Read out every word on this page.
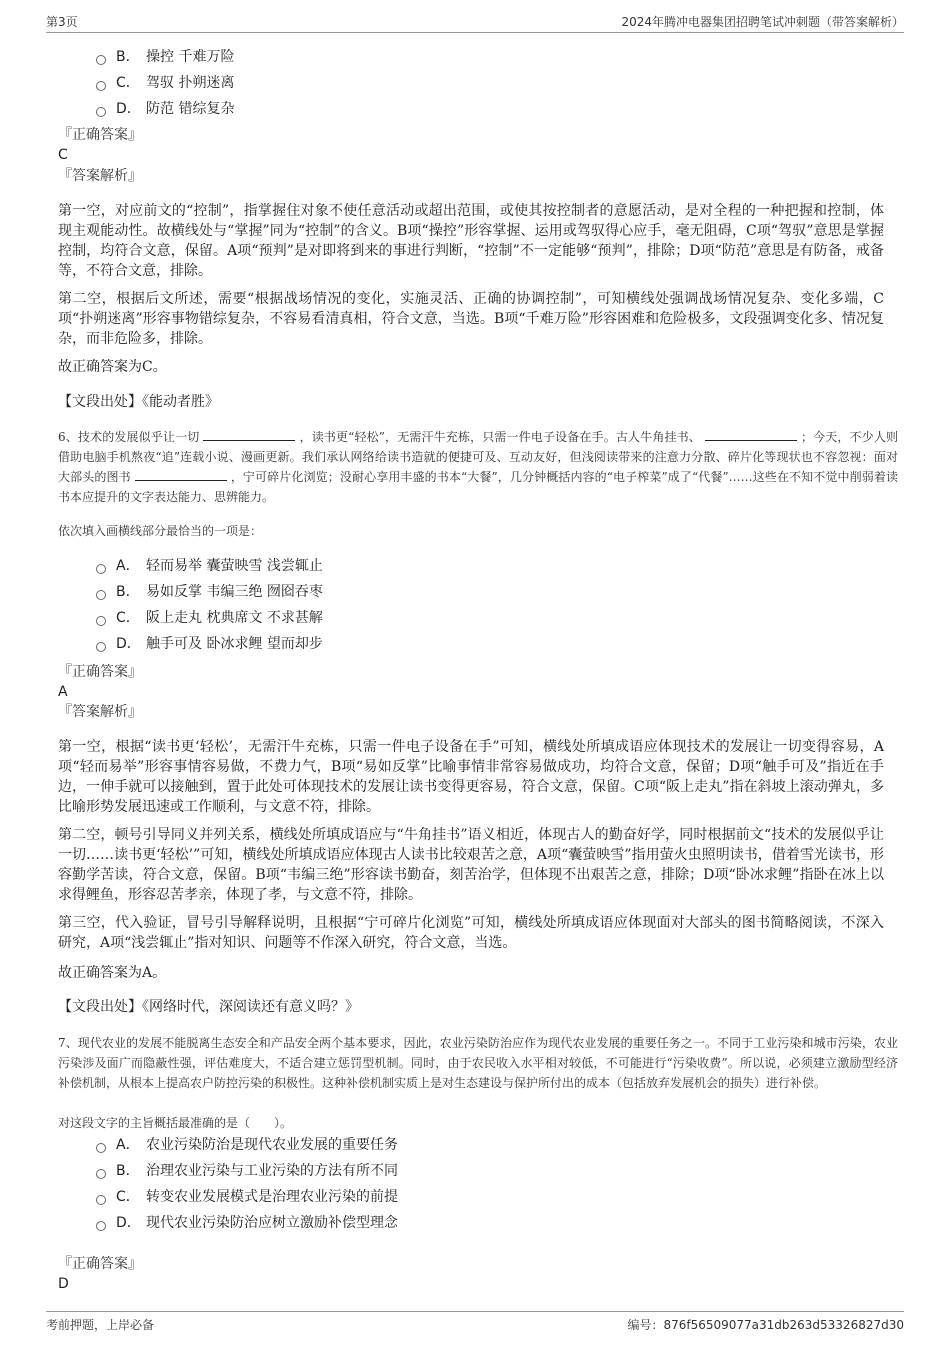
第3页	2024年腾冲电器集团招聘笔试冲刺题（带答案解析）
B． 操控 千难万险
C． 驾驭 扑朔迷离
D． 防范 错综复杂
『正确答案』
C
『答案解析』
第一空，对应前文的“控制”，指掌握住对象不使任意活动或超出范围，或使其按控制者的意愿活动，是对全程的一种把握和控制，体现主观能动性。故横线处与“掌握”同为“控制”的含义。B项“操控”形容掌握、运用或驾驭得心应手，毫无阻碍，C项“驾驭”意思是掌握控制，均符合文意，保留。A项“预判”是对即将到来的事进行判断，“控制”不一定能够“预判”，排除；D项“防范”意思是有防备，戒备等，不符合文意，排除。
第二空，根据后文所述，需要“根据战场情况的变化，实施灵活、正确的协调控制”，可知横线处强调战场情况复杂、变化多端，C项“扑朔迷离”形容事物错综复杂，不容易看清真相，符合文意，当选。B项“千难万险”形容困难和危险极多，文段强调变化多、情况复杂，而非危险多，排除。
故正确答案为C。
【文段出处】《能动者胜》
6、技术的发展似乎让一切	，读书更“轻松”，无需汗牛充栋，只需一件电子设备在手。古人牛角挂书、	；今天，不少人则借助电脑手机熬夜“追”连载小说、漫画更新。我们承认网络给读书造就的便捷可及、互动友好，但浅阅读带来的注意力分散、碎片化等现状也不容忽视：面对大部头的图书	，宁可碎片化浏览；没耐心享用丰盛的书本“大餐”，几分钟概括内容的“电子榨菜”成了“代餐”……这些在不知不觉中削弱着读书本应提升的文字表达能力、思辨能力。
依次填入画横线部分最恰当的一项是：
A． 轻而易举 囊萤映雪 浅尝辄止
B． 易如反掌 韦编三绝 囫囵吞枣
C． 阪上走丸 枕典席文 不求甚解
D． 触手可及 卧冰求鲤 望而却步
『正确答案』
A
『答案解析』
第一空，根据“读书更‘轻松’，无需汗牛充栋，只需一件电子设备在手”可知，横线处所填成语应体现技术的发展让一切变得容易，A项“轻而易举”形容事情容易做，不费力气，B项“易如反掌”比喻事情非常容易做成功，均符合文意，保留；D项“触手可及”指近在手边，一伸手就可以接触到，置于此处可体现技术的发展让读书变得更容易，符合文意，保留。C项“阪上走丸”指在斜坡上滚动弹丸，多比喻形势发展迅速或工作顺利，与文意不符，排除。
第二空，顿号引导同义并列关系，横线处所填成语应与“牛角挂书”语义相近，体现古人的勤奋好学，同时根据前文“技术的发展似乎让一切……读书更‘轻松’”可知，横线处所填成语应体现古人读书比较艰苦之意，A项“囊萤映雪”指用萤火虫照明读书，借着雪光读书，形容勤学苦读，符合文意，保留。B项“韦编三绝”形容读书勤奋，刻苦治学，但体现不出艰苦之意，排除；D项“卧冰求鲤”指卧在冰上以求得鲤鱼，形容忍苦孝亲，体现了孝，与文意不符，排除。
第三空，代入验证，冒号引导解释说明，且根据“宁可碎片化浏览”可知，横线处所填成语应体现面对大部头的图书简略阅读，不深入研究，A项“浅尝辄止”指对知识、问题等不作深入研究，符合文意，当选。
故正确答案为A。
【文段出处】《网络时代，深阅读还有意义吗？》
7、现代农业的发展不能脱离生态安全和产品安全两个基本要求，因此，农业污染防治应作为现代农业发展的重要任务之一。不同于工业污染和城市污染，农业污染涉及面广而隐蔽性强，评估难度大，不适合建立惩罚型机制。同时，由于农民收入水平相对较低，不可能进行“污染收费”。所以说，必须建立激励型经济补偿机制，从根本上提高农户防控污染的积极性。这种补偿机制实质上是对生态建设与保护所付出的成本（包括放弃发展机会的损失）进行补偿。
对这段文字的主旨概括最准确的是（　　）。
A． 农业污染防治是现代农业发展的重要任务
B． 治理农业污染与工业污染的方法有所不同
C． 转变农业发展模式是治理农业污染的前提
D． 现代农业污染防治应树立激励补偿型理念
『正确答案』
D
考前押题，上岸必备	编号：876f56509077a31db263d53326827d30
